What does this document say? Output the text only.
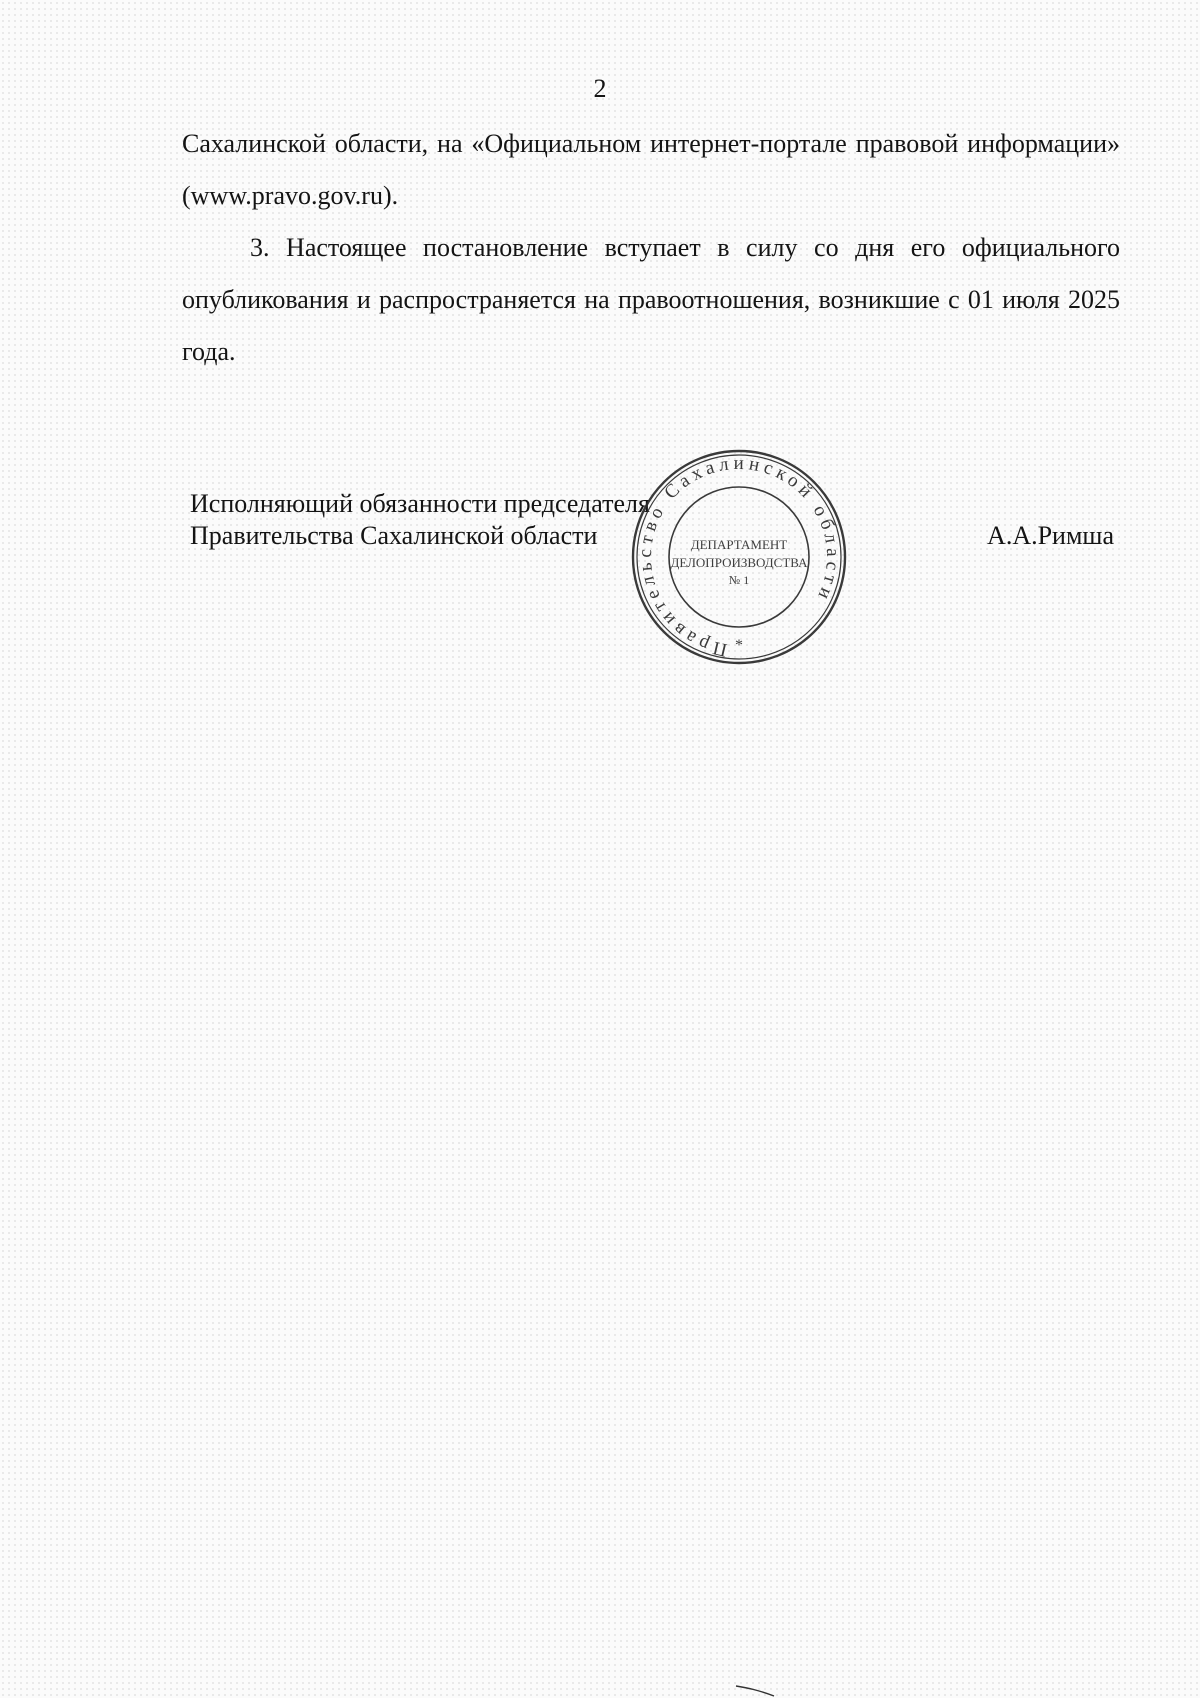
2

Сахалинской области, на «Официальном интернет-портале правовой информации» (www.pravo.gov.ru).

3. Настоящее постановление вступает в силу со дня его официального опубликования и распространяется на правоотношения, возникшие с 01 июля 2025 года.

Исполняющий обязанности председателя
Правительства Сахалинской области	А.А.Римша
Правительство Сахалинской области
*
ДЕПАРТАМЕНТ
ДЕЛОПРОИЗВОДСТВА
№ 1
